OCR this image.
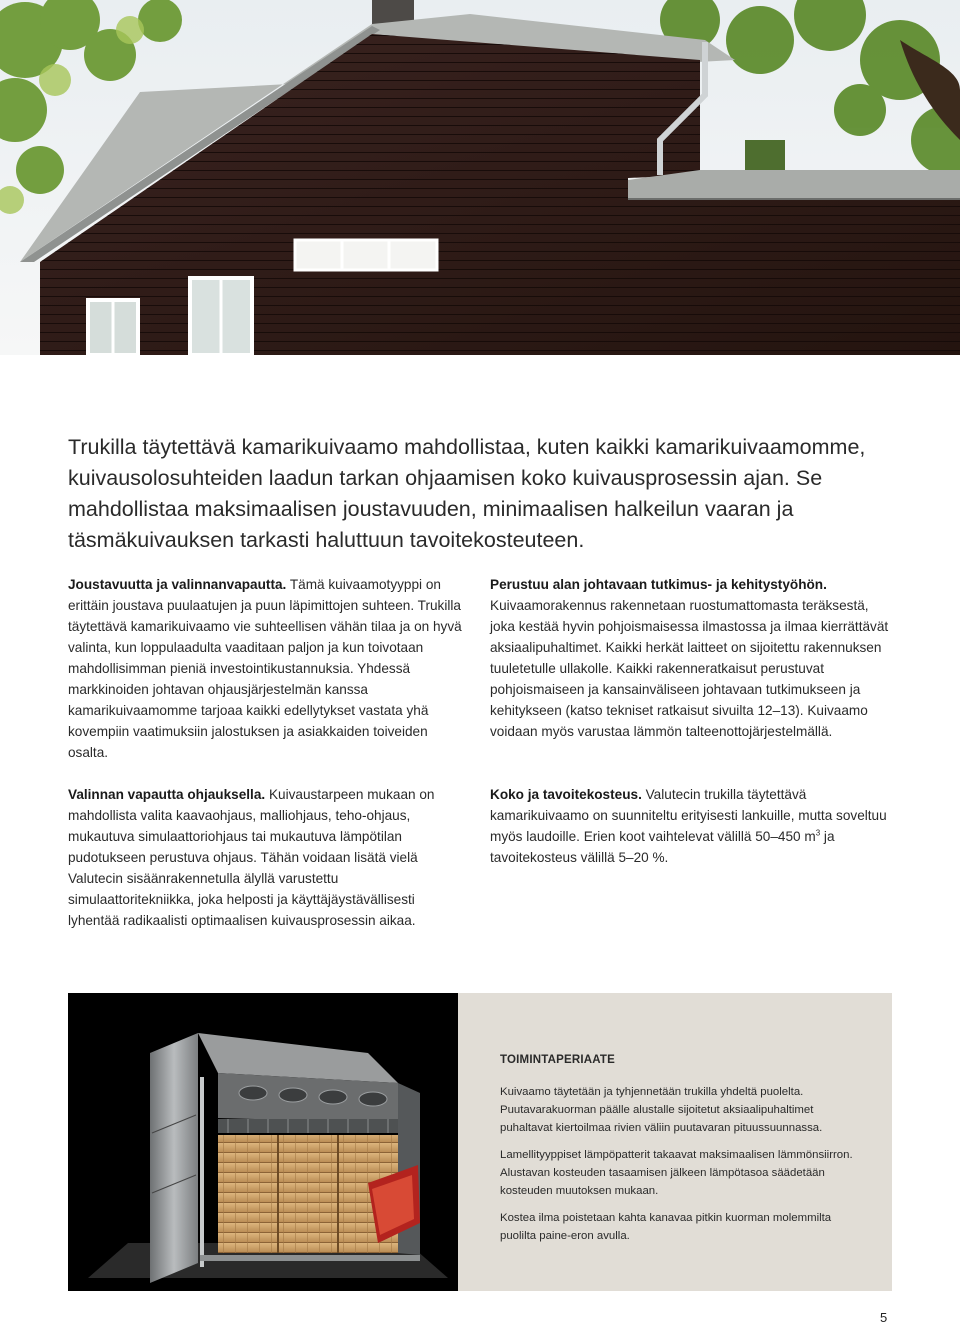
Trukilla täytettävä kamarikuivaamo mahdollistaa, kuten kaikki kamarikuivaamomme, kuivausolosuhteiden laadun tarkan ohjaamisen koko kuivausprosessin ajan. Se mahdollistaa maksimaalisen joustavuuden, minimaalisen halkeilun vaaran ja täsmäkuivauksen tarkasti haluttuun tavoitekosteuteen.

Joustavuutta ja valinnanvapautta. Tämä kuivaamotyyppi on erittäin joustava puulaatujen ja puun läpimittojen suhteen. Trukilla täytettävä kamarikuivaamo vie suhteellisen vähän tilaa ja on hyvä valinta, kun loppulaadulta vaaditaan paljon ja kun toivotaan mahdollisimman pieniä investointikustannuksia. Yhdessä markkinoiden johtavan ohjausjärjestelmän kanssa kamarikuivaamomme tarjoaa kaikki edellytykset vastata yhä kovempiin vaatimuksiin jalostuksen ja asiakkaiden toiveiden osalta.

Valinnan vapautta ohjauksella. Kuivaustarpeen mukaan on mahdollista valita kaavaohjaus, malliohjaus, teho-ohjaus, mukautuva simulaattoriohjaus tai mukautuva lämpötilan pudotukseen perustuva ohjaus. Tähän voidaan lisätä vielä Valutecin sisäänrakennetulla älyllä varustettu simulaattoritekniikka, joka helposti ja käyttäjäystävällisesti lyhentää radikaalisti optimaalisen kuivausprosessin aikaa.

Perustuu alan johtavaan tutkimus- ja kehitystyöhön. Kuivaamorakennus rakennetaan ruostumattomasta teräksestä, joka kestää hyvin pohjoismaisessa ilmastossa ja ilmaa kierrättävät aksiaalipuhaltimet. Kaikki herkät laitteet on sijoitettu rakennuksen tuuletetulle ullakolle. Kaikki rakenneratkaisut perustuvat pohjoismaiseen ja kansainväliseen johtavaan tutkimukseen ja kehitykseen (katso tekniset ratkaisut sivuilta 12–13). Kuivaamo voidaan myös varustaa lämmön talteenottojärjestelmällä.

Koko ja tavoitekosteus. Valutecin trukilla täytettävä kamarikuivaamo on suunniteltu erityisesti lankuille, mutta soveltuu myös laudoille. Erien koot vaihtelevat välillä 50–450 $m^3$ ja tavoitekosteus välillä 5–20 %.

TOIMINTAPERIAATE

Kuivaamo täytetään ja tyhjennetään trukilla yhdeltä puolelta. Puutavarakuorman päälle alustalle sijoitetut aksiaalipuhaltimet puhaltavat kiertoilmaa rivien väliin puutavaran pituussuunnassa.

Lamellityyppiset lämpöpatterit takaavat maksimaalisen lämmönsiirron. Alustavan kosteuden tasaamisen jälkeen lämpötasoa säädetään kosteuden muutoksen mukaan.

Kostea ilma poistetaan kahta kanavaa pitkin kuorman molemmilta puolilta paine-eron avulla.

5
